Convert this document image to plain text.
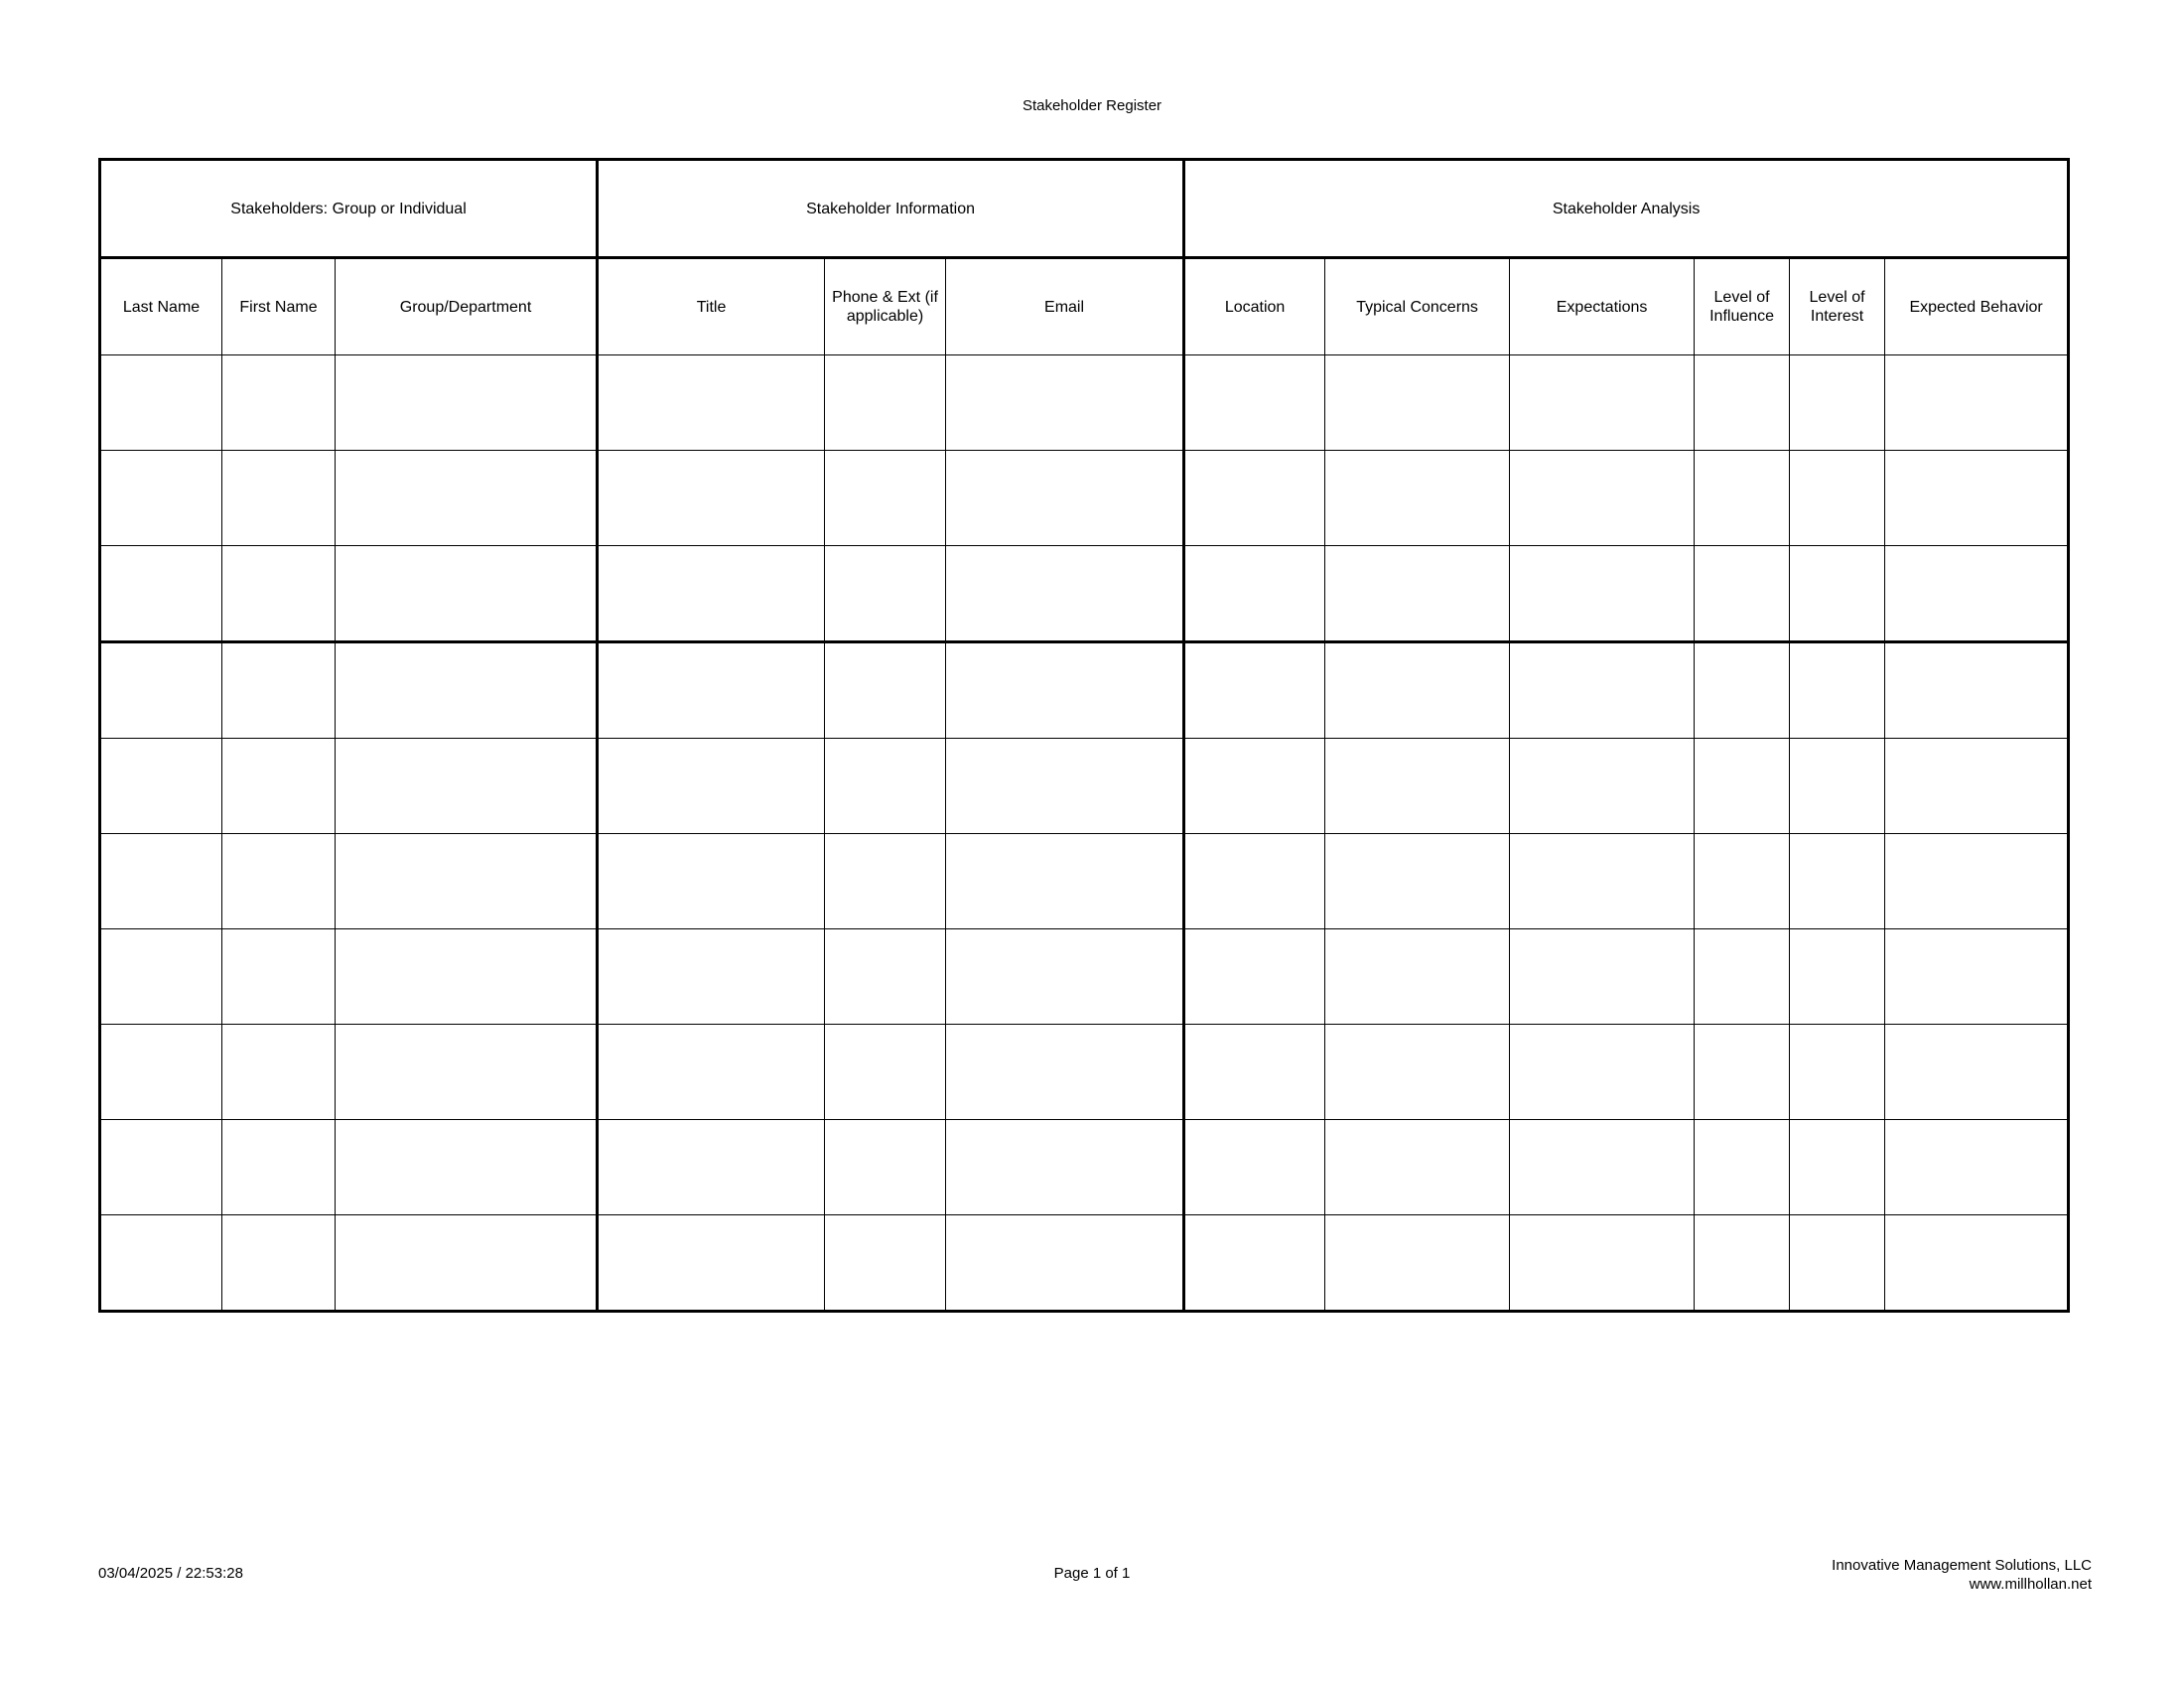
Stakeholder Register
Stakeholders: Group or Individual			Stakeholder Information			Stakeholder Analysis					
Last Name	First Name	Group/Department	Title	Phone & Ext (if applicable)	Email	Location	Typical Concerns	Expectations	Level of Influence	Level of Interest	Expected Behavior

03/04/2025 / 22:53:28	Page 1 of 1	Innovative Management Solutions, LLC
www.millhollan.net
